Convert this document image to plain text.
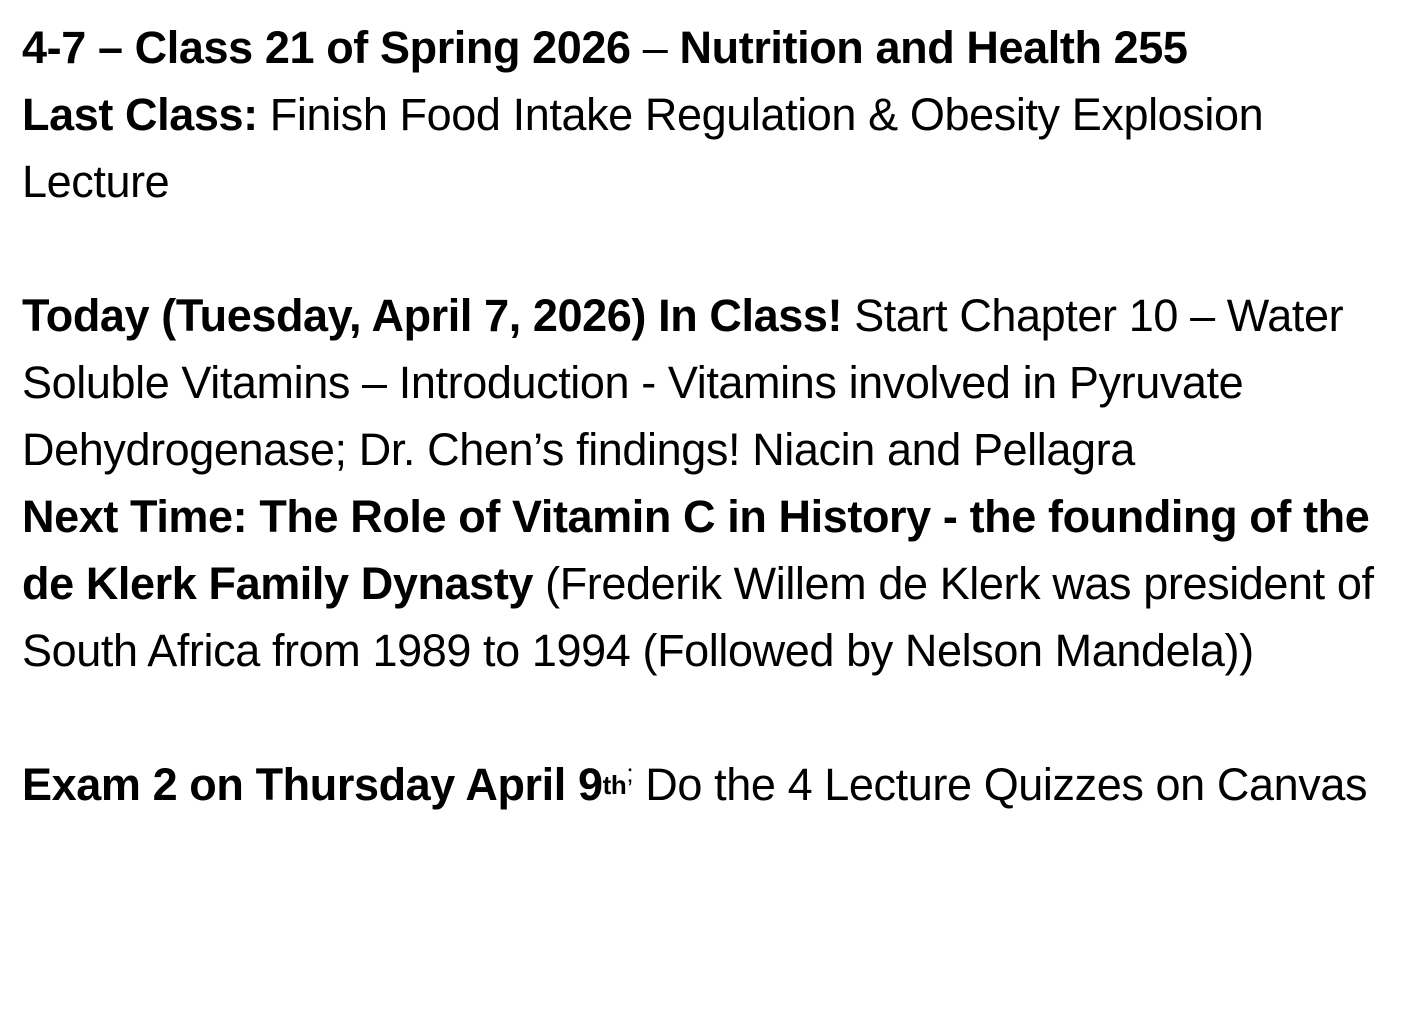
4-7 – Class 21 of Spring 2026 – Nutrition and Health 255

Last Class: Finish Food Intake Regulation & Obesity Explosion Lecture

Today (Tuesday, April 7, 2026) In Class! Start Chapter 10 – Water Soluble Vitamins – Introduction - Vitamins involved in Pyruvate Dehydrogenase; Dr. Chen’s findings! Niacin and Pellagra

Next Time: The Role of Vitamin C in History - the founding of the de Klerk Family Dynasty (Frederik Willem de Klerk was president of South Africa from 1989 to 1994 (Followed by Nelson Mandela))

Exam 2 on Thursday April $9^{th;}$ Do the 4 Lecture Quizzes on Canvas
